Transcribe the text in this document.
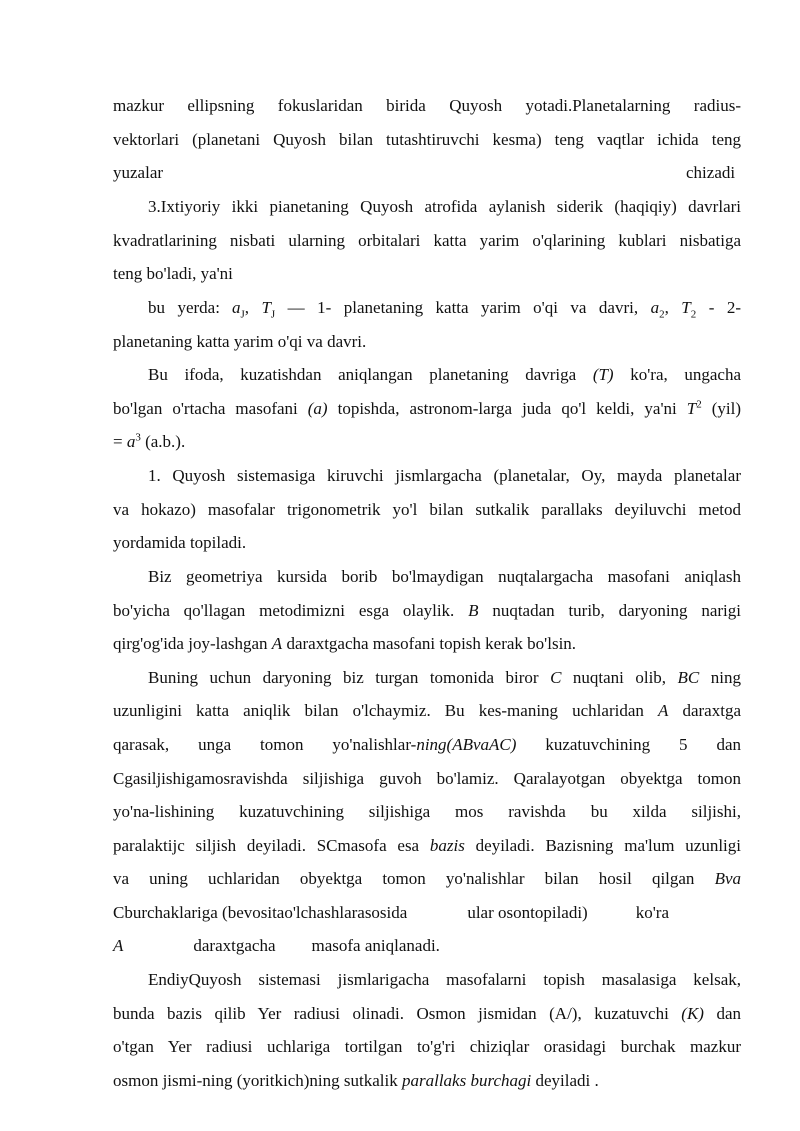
mazkur ellipsning fokuslaridan birida Quyosh yotadi.Planetalarning radius-
vektorlari (planetani Quyosh bilan tutashtiruvchi kesma) teng vaqtlar ichida teng
yuzalar	chizadi
3.Ixtiyoriy ikki pianetaning Quyosh atrofida aylanish siderik (haqiqiy) davrlari
kvadratlarining nisbati ularning orbitalari katta yarim o'qlarining kublari nisbatiga
teng bo'ladi, ya'ni
bu yerda: $a_J$, $T_J$ — 1- planetaning katta yarim o'qi va davri, $a_2$, $T_2 - 2-$
planetaning katta yarim o'qi va davri.
Bu ifoda, kuzatishdan aniqlangan planetaning davriga (T) ko'ra, ungacha
bo'lgan o'rtacha masofani (a) topishda, astronom-larga juda qo'l keldi, ya'ni $T^2$ (yil)
= $a^3$ (a.b.).
1. Quyosh sistemasiga kiruvchi jismlargacha (planetalar, Oy, mayda planetalar
va hokazo) masofalar trigonometrik yo'l bilan sutkalik parallaks deyiluvchi metod
yordamida topiladi.
Biz geometriya kursida borib bo'lmaydigan nuqtalargacha masofani aniqlash
bo'yicha qo'llagan metodimizni esga olaylik. B nuqtadan turib, daryoning narigi
qirg'og'ida joy-lashgan A daraxtgacha masofani topish kerak bo'lsin.
Buning uchun daryoning biz turgan tomonida biror C nuqtani olib, BC ning
uzunligini katta aniqlik bilan o'lchaymiz. Bu kes-maning uchlaridan A daraxtga
qarasak, unga tomon yo'nalishlar-ning(ABvaAC) kuzatuvchining 5 dan
Cgasiljishigamosravishda siljishiga guvoh bo'lamiz. Qaralayotgan obyektga tomon
yo'na-lishining kuzatuvchining siljishiga mos ravishda bu xilda siljishi,
paralaktijc siljish deyiladi. SCmasofa esa bazis deyiladi. Bazisning ma'lum uzunligi
va uning uchlaridan obyektga tomon yo'nalishlar bilan hosil qilgan Bva
Cburchaklariga (bevositao'lchashlarasosida	ular osontopiladi)	ko'ra
A	daraxtgacha masofa aniqlanadi.
EndiyQuyosh sistemasi jismlarigacha masofalarni topish masalasiga kelsak,
bunda bazis qilib Yer radiusi olinadi. Osmon jismidan (A/), kuzatuvchi (K) dan
o'tgan Yer radiusi uchlariga tortilgan to'g'ri chiziqlar orasidagi burchak mazkur
osmon jismi-ning (yoritkich)ning sutkalik parallaks burchagi deyiladi .
